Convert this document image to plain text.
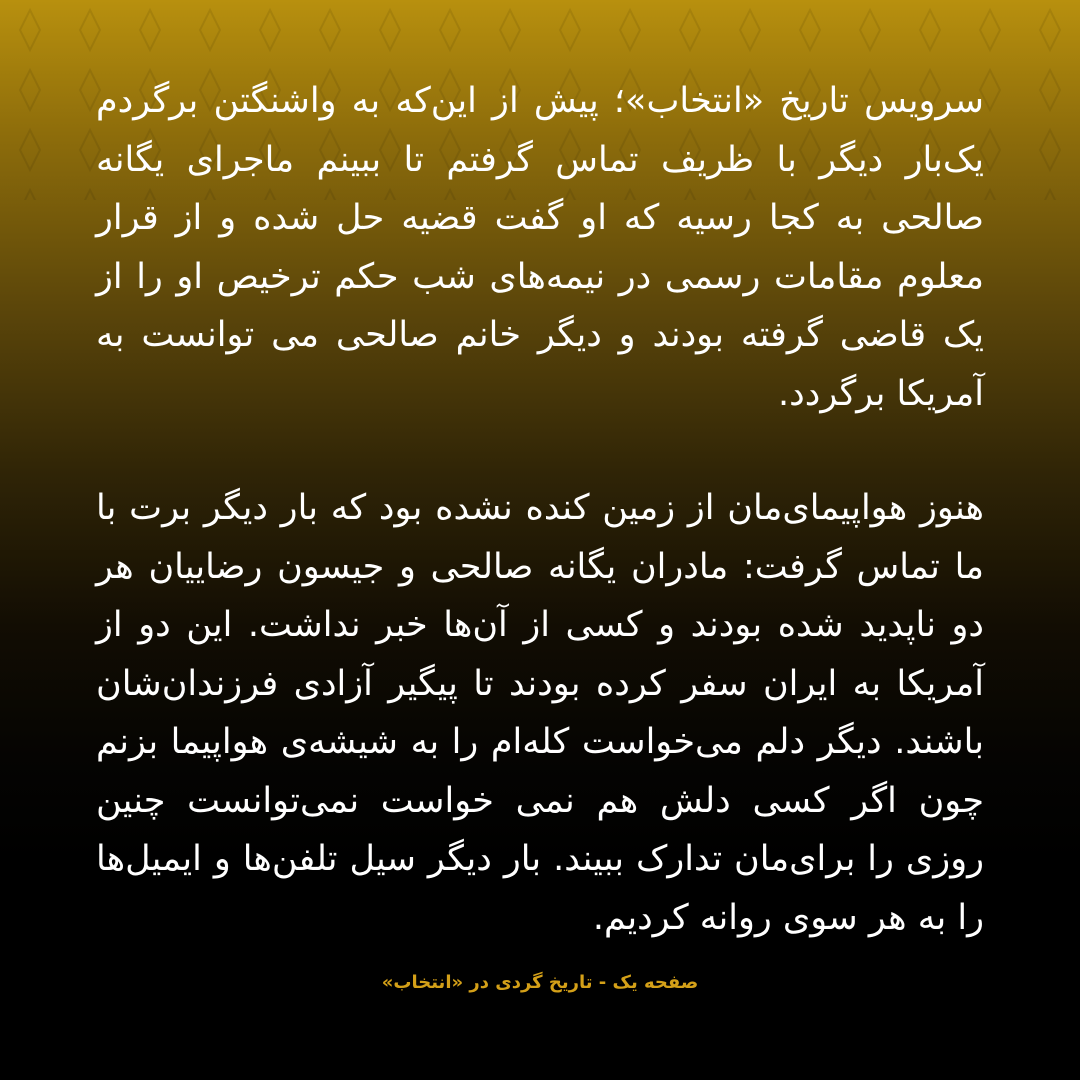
سرویس تاریخ «انتخاب»؛ پیش از این‌که به واشنگتن برگردم یک‌بار دیگر با ظریف تماس گرفتم تا ببینم ماجرای یگانه صالحی به کجا رسیه که او گفت قضیه حل شده و از قرار معلوم مقامات رسمی در نیمه‌های شب حکم ترخیص او را از یک قاضی گرفته بودند و دیگر خانم صالحی می توانست به آمریکا برگردد.

هنوز هواپیمای‌مان از زمین کنده نشده بود که بار دیگر برت با ما تماس گرفت: مادران یگانه صالحی و جیسون رضاییان هر دو ناپدید شده بودند و کسی از آن‌ها خبر نداشت. این دو از آمریکا به ایران سفر کرده بودند تا پیگیر آزادی فرزندان‌شان باشند. دیگر دلم می‌خواست کله‌ام را به شیشه‌ی هواپیما بزنم چون اگر کسی دلش هم نمی خواست نمی‌توانست چنین روزی را برای‌مان تدارک ببیند. بار دیگر سیل تلفن‌ها و ایمیل‌ها را به هر سوی روانه کردیم.

صفحه یک - تاریخ گردی در «انتخاب»
